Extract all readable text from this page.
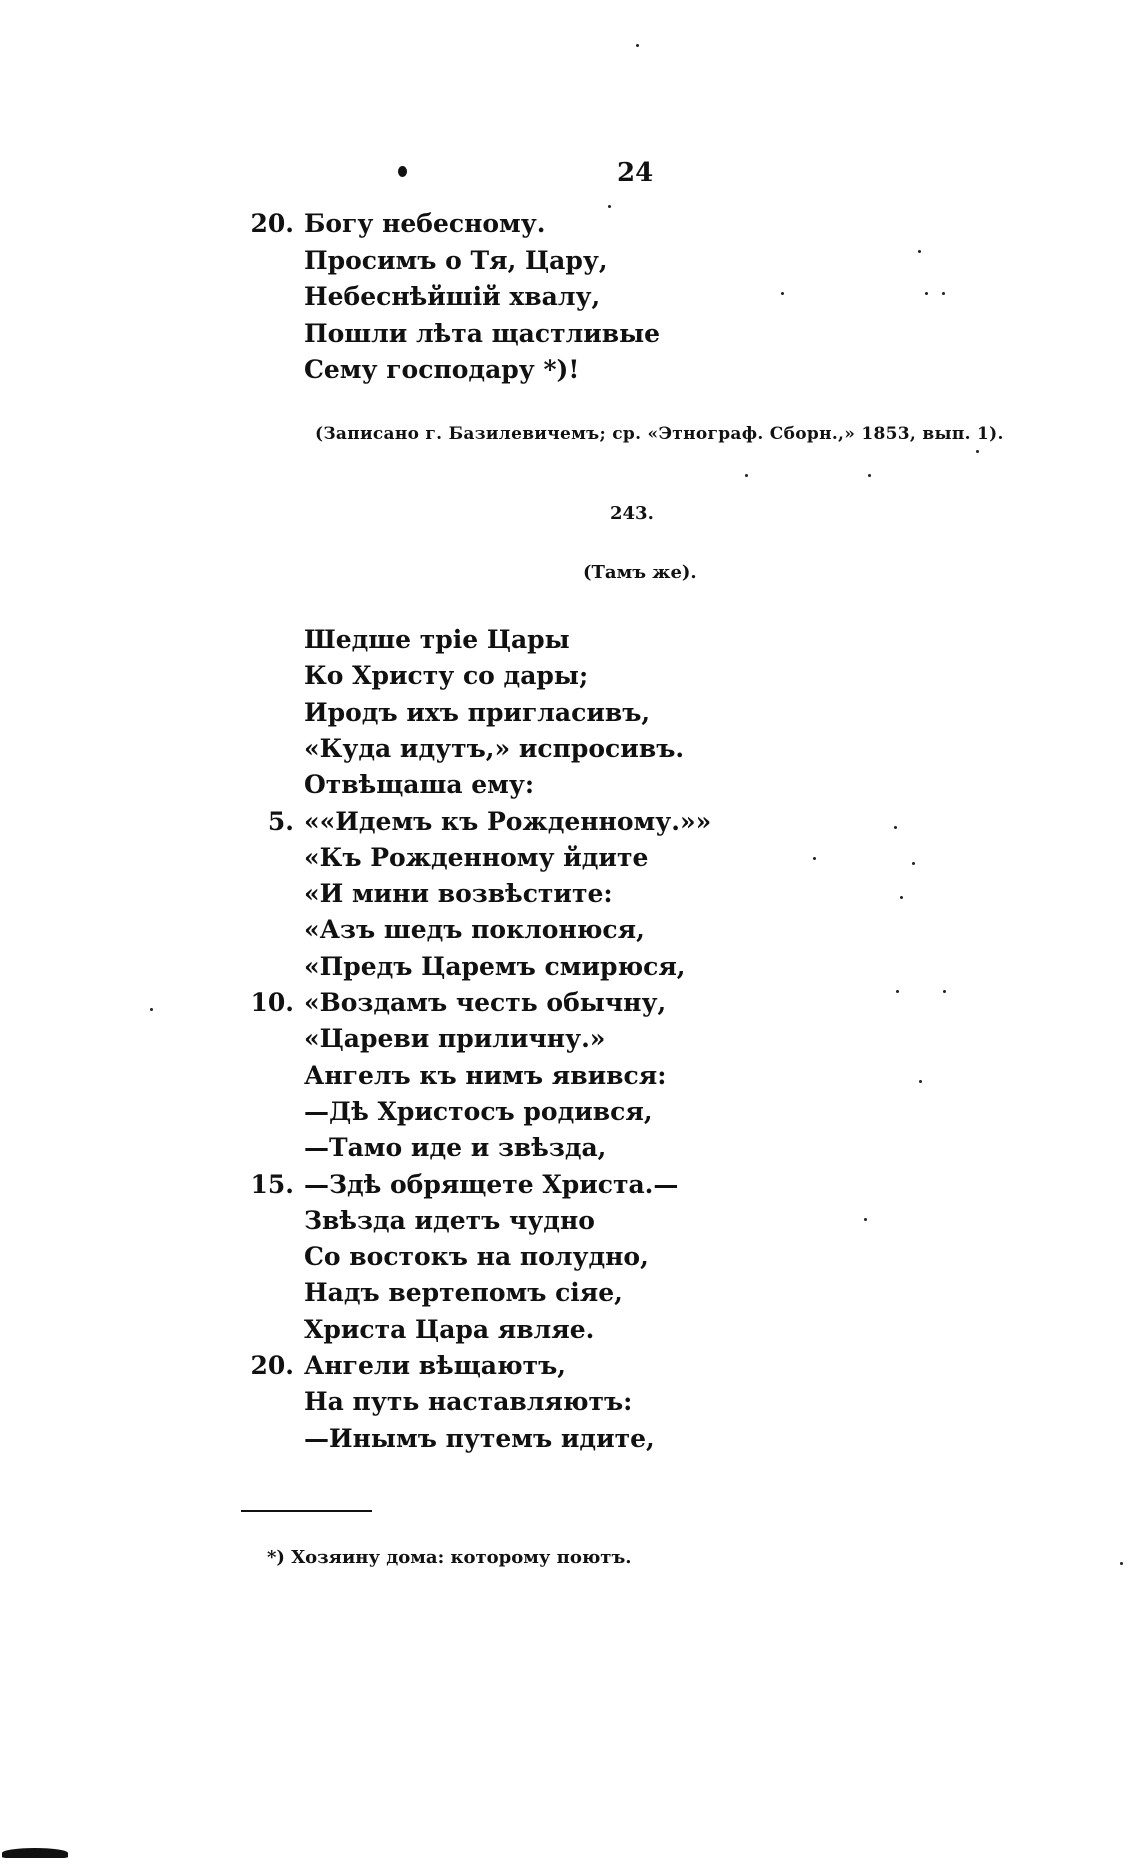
24
20. Богу небесному.
Просимъ о Тя, Цару,
Небеснѣйшій хвалу,
Пошли лѣта щастливые
Сему господару *)!
(Записано г. Базилевичемъ; ср. «Этнограф. Сборн.,» 1853, вып. 1).
243.
(Тамъ же).
Шедше тріе Цары
Ко Христу со дары;
Иродъ ихъ пригласивъ,
«Куда идутъ,» испросивъ.
Отвѣщаша ему:
5. ««Идемъ къ Рожденному.»»
«Къ Рожденному йдите
«И мини возвѣстите:
«Азъ шедъ поклонюся,
«Предъ Царемъ смирюся,
10. «Воздамъ честь обычну,
«Цареви приличну.»
Ангелъ къ нимъ явився:
—Дѣ Христосъ родився,
—Тамо иде и звѣзда,
15. —Здѣ обрящете Христа.—
Звѣзда идетъ чудно
Со востокъ на полудно,
Надъ вертепомъ сіяе,
Христа Цара являе.
20. Ангели вѣщаютъ,
На путь наставляютъ:
—Инымъ путемъ идите,
*) Хозяину дома: которому поютъ.
